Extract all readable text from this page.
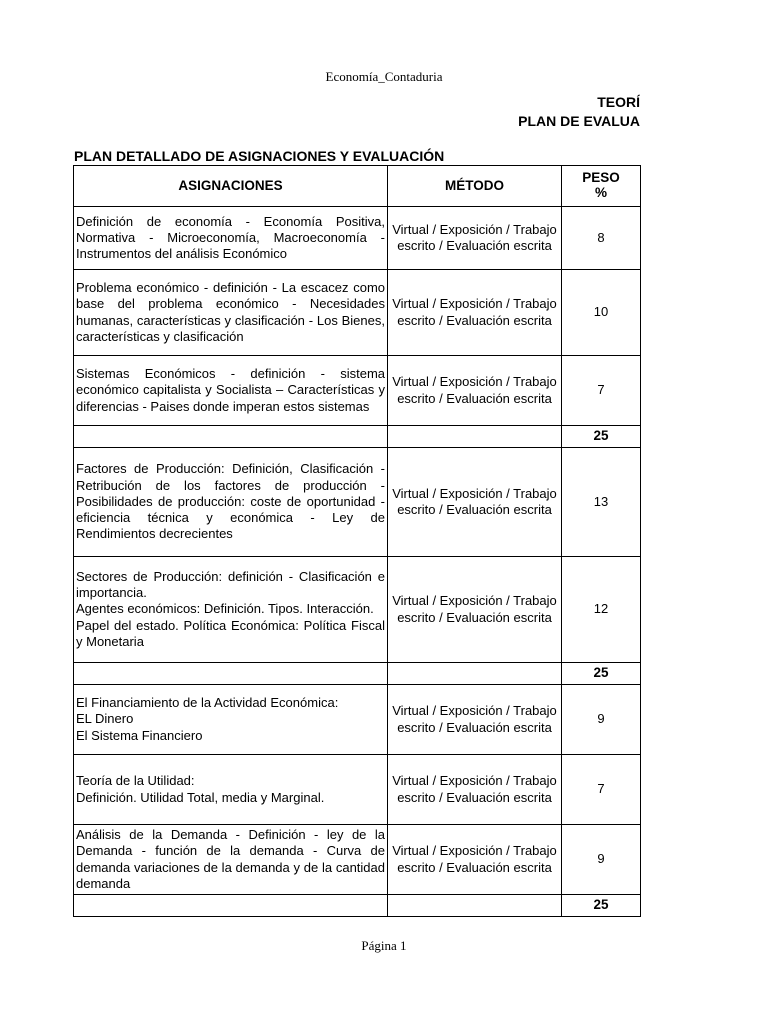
Economía_Contaduria
TEORÍ
PLAN DE EVALUA
PLAN DETALLADO DE ASIGNACIONES Y EVALUACIÓN
ASIGNACIONES	MÉTODO	PESO
%
Definición de economía - Economía Positiva, Normativa - Microeconomía, Macroeconomía - Instrumentos del análisis Económico	Virtual / Exposición / Trabajo escrito / Evaluación escrita	8
Problema económico - definición - La escacez como base del problema económico - Necesidades humanas, características y clasificación - Los Bienes, características y clasificación	Virtual / Exposición / Trabajo escrito / Evaluación escrita	10
Sistemas Económicos - definición - sistema económico capitalista y Socialista – Características y diferencias - Paises donde imperan estos sistemas	Virtual / Exposición / Trabajo escrito / Evaluación escrita	7
		25
Factores de Producción: Definición, Clasificación - Retribución de los factores de producción - Posibilidades de producción: coste de oportunidad - eficiencia técnica y económica - Ley de Rendimientos decrecientes	Virtual / Exposición / Trabajo escrito / Evaluación escrita	13
Sectores de Producción: definición - Clasificación e importancia.
Agentes económicos: Definición. Tipos. Interacción.
Papel del estado. Política Económica: Política Fiscal y Monetaria	Virtual / Exposición / Trabajo escrito / Evaluación escrita	12
		25
El Financiamiento de la Actividad Económica:
EL Dinero
El Sistema Financiero	Virtual / Exposición / Trabajo escrito / Evaluación escrita	9
Teoría de la Utilidad:
Definición. Utilidad Total, media y Marginal.	Virtual / Exposición / Trabajo escrito / Evaluación escrita	7
Análisis de la Demanda - Definición - ley de la Demanda - función de la demanda - Curva de demanda variaciones de la demanda y de la cantidad demanda	Virtual / Exposición / Trabajo escrito / Evaluación escrita	9
		25
Página 1
